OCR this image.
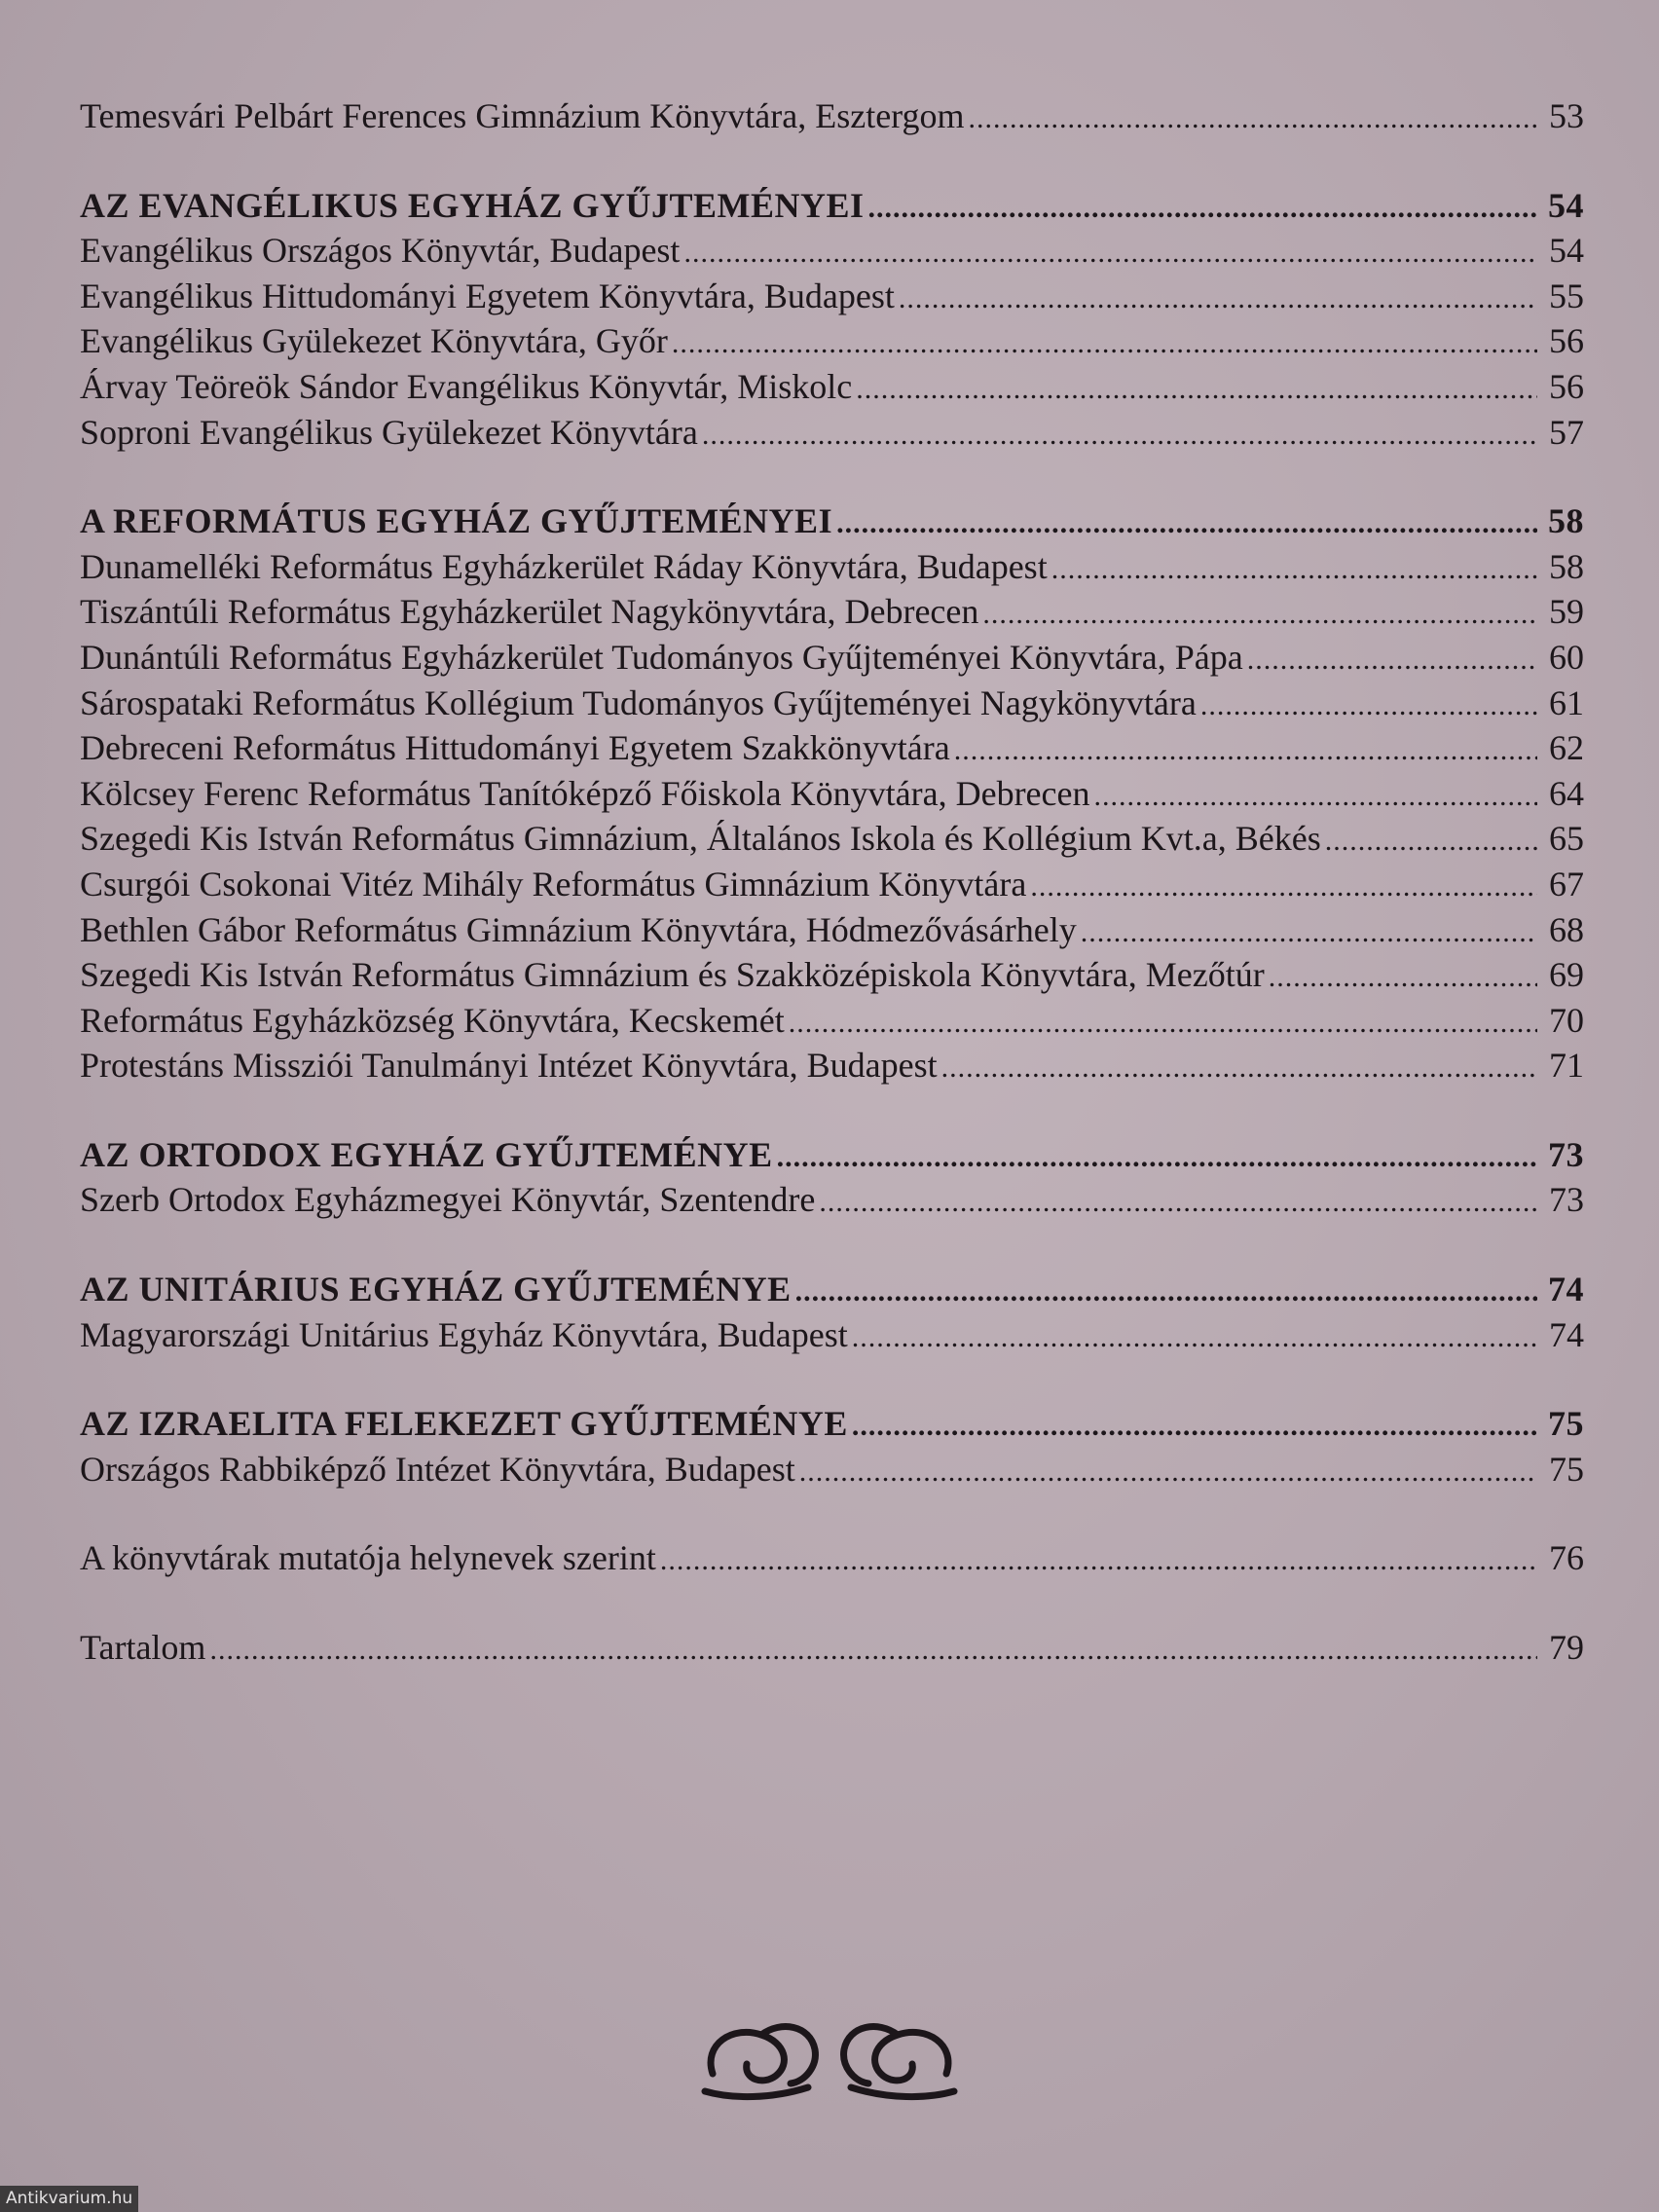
Temesvári Pelbárt Ferences Gimnázium Könyvtára, Esztergom .....	53
AZ EVANGÉLIKUS EGYHÁZ GYŰJTEMÉNYEI .....	54
Evangélikus Országos Könyvtár, Budapest .....	54
Evangélikus Hittudományi Egyetem Könyvtára, Budapest .....	55
Evangélikus Gyülekezet Könyvtára, Győr .....	56
Árvay Teöreök Sándor Evangélikus Könyvtár, Miskolc .....	56
Soproni Evangélikus Gyülekezet Könyvtára .....	57
A REFORMÁTUS EGYHÁZ GYŰJTEMÉNYEI .....	58
Dunamelléki Református Egyházkerület Ráday Könyvtára, Budapest .....	58
Tiszántúli Református Egyházkerület Nagykönyvtára, Debrecen .....	59
Dunántúli Református Egyházkerület Tudományos Gyűjteményei Könyvtára, Pápa .....	60
Sárospataki Református Kollégium Tudományos Gyűjteményei Nagykönyvtára .....	61
Debreceni Református Hittudományi Egyetem Szakkönyvtára .....	62
Kölcsey Ferenc Református Tanítóképző Főiskola Könyvtára, Debrecen .....	64
Szegedi Kis István Református Gimnázium, Általános Iskola és Kollégium Kvt.a, Békés .....	65
Csurgói Csokonai Vitéz Mihály Református Gimnázium Könyvtára .....	67
Bethlen Gábor Református Gimnázium Könyvtára, Hódmezővásárhely .....	68
Szegedi Kis István Református Gimnázium és Szakközépiskola Könyvtára, Mezőtúr .....	69
Református Egyházközség Könyvtára, Kecskemét .....	70
Protestáns Missziói Tanulmányi Intézet Könyvtára, Budapest .....	71
AZ ORTODOX EGYHÁZ GYŰJTEMÉNYE .....	73
Szerb Ortodox Egyházmegyei Könyvtár, Szentendre .....	73
AZ UNITÁRIUS EGYHÁZ GYŰJTEMÉNYE .....	74
Magyarországi Unitárius Egyház Könyvtára, Budapest .....	74
AZ IZRAELITA FELEKEZET GYŰJTEMÉNYE .....	75
Országos Rabbiképző Intézet Könyvtára, Budapest .....	75
A könyvtárak mutatója helynevek szerint .....	76
Tartalom .....	79
Antikvarium.hu
